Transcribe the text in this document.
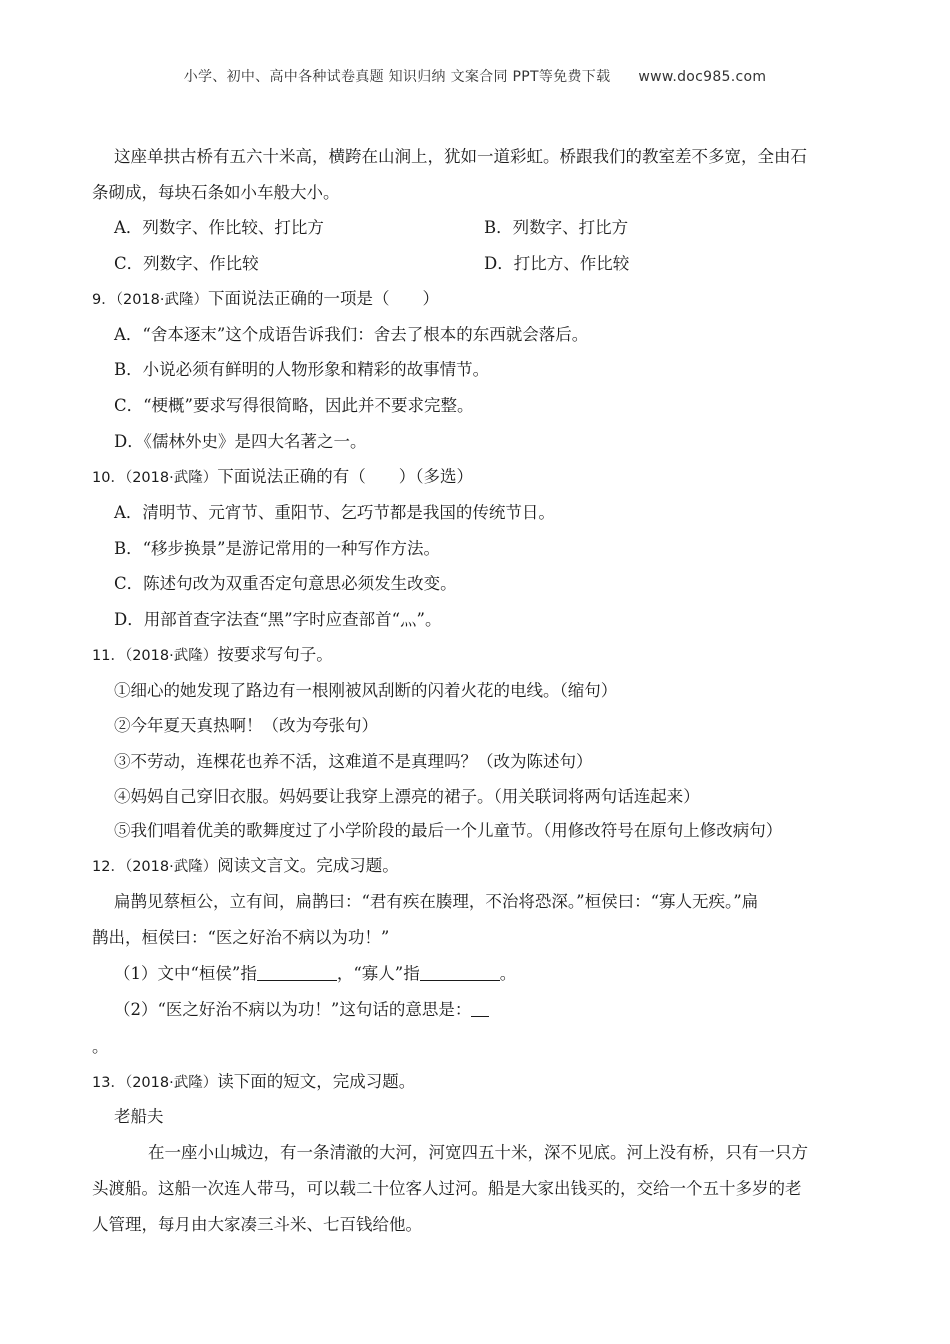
小学、初中、高中各种试卷真题 知识归纳 文案合同 PPT等免费下载 www.doc985.com
这座单拱古桥有五六十米高，横跨在山涧上，犹如一道彩虹。桥跟我们的教室差不多宽，全由石
条砌成，每块石条如小车般大小。
A．列数字、作比较、打比方	B．列数字、打比方
C．列数字、作比较	D．打比方、作比较
9．（2018·武隆）下面说法正确的一项是（　　）
A．“舍本逐末”这个成语告诉我们：舍去了根本的东西就会落后。
B．小说必须有鲜明的人物形象和精彩的故事情节。
C．“梗概”要求写得很简略，因此并不要求完整。
D．《儒林外史》是四大名著之一。
10．（2018·武隆）下面说法正确的有（　　）（多选）
A．清明节、元宵节、重阳节、乞巧节都是我国的传统节日。
B．“移步换景”是游记常用的一种写作方法。
C．陈述句改为双重否定句意思必须发生改变。
D．用部首查字法查“黑”字时应查部首“灬”。
11．（2018·武隆）按要求写句子。
①细心的她发现了路边有一根刚被风刮断的闪着火花的电线。（缩句）
②今年夏天真热啊！（改为夸张句）
③不劳动，连棵花也养不活，这难道不是真理吗？（改为陈述句）
④妈妈自己穿旧衣服。妈妈要让我穿上漂亮的裙子。（用关联词将两句话连起来）
⑤我们唱着优美的歌舞度过了小学阶段的最后一个儿童节。（用修改符号在原句上修改病句）
12．（2018·武隆）阅读文言文。完成习题。
扁鹊见蔡桓公，立有间，扁鹊曰：“君有疾在腠理，不治将恐深。”桓侯曰：“寡人无疾。”扁
鹊出，桓侯曰：“医之好治不病以为功！”
（1）文中“桓侯”指	，“寡人”指	。
（2）“医之好治不病以为功！”这句话的意思是：
。
13．（2018·武隆）读下面的短文，完成习题。
老船夫
在一座小山城边，有一条清澈的大河，河宽四五十米，深不见底。河上没有桥，只有一只方
头渡船。这船一次连人带马，可以载二十位客人过河。船是大家出钱买的，交给一个五十多岁的老
人管理，每月由大家凑三斗米、七百钱给他。
